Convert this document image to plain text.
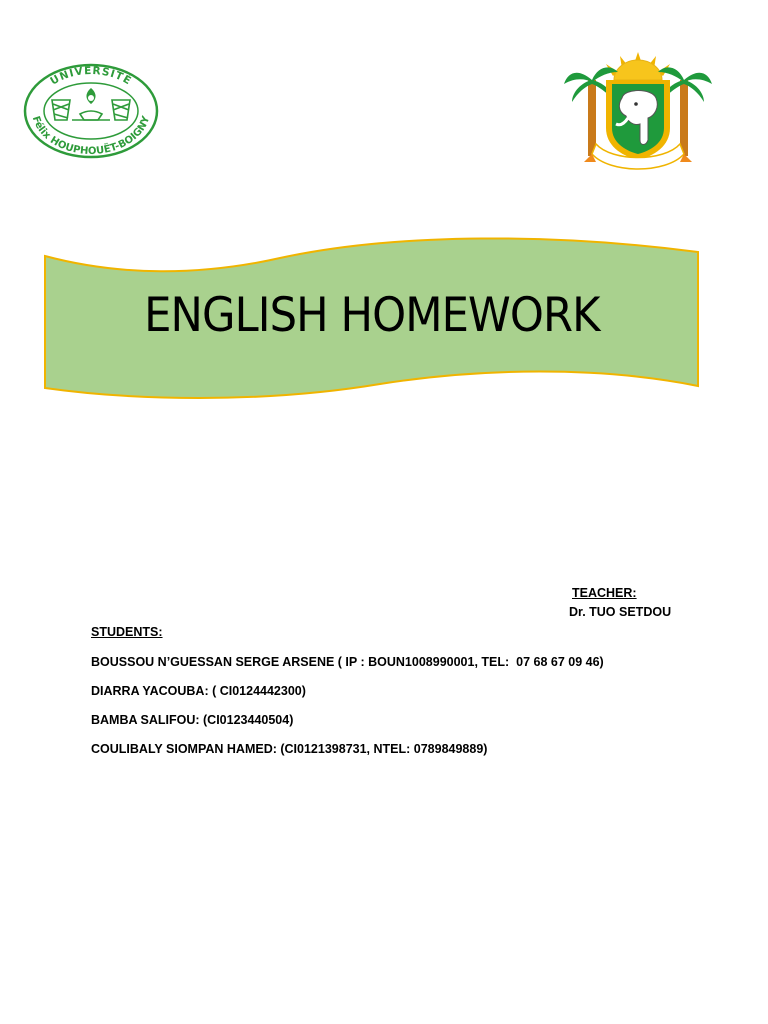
UNIVERSITÉ
Félix HOUPHOUËT-BOIGNY
ENGLISH HOMEWORK
TEACHER:
Dr. TUO SETDOU
STUDENTS:
BOUSSOU N’GUESSAN SERGE ARSENE ( IP : BOUN1008990001, TEL:  07 68 67 09 46)
DIARRA YACOUBA: ( CI0124442300)
BAMBA SALIFOU: (CI0123440504)
COULIBALY SIOMPAN HAMED: (CI0121398731, NTEL: 0789849889)
